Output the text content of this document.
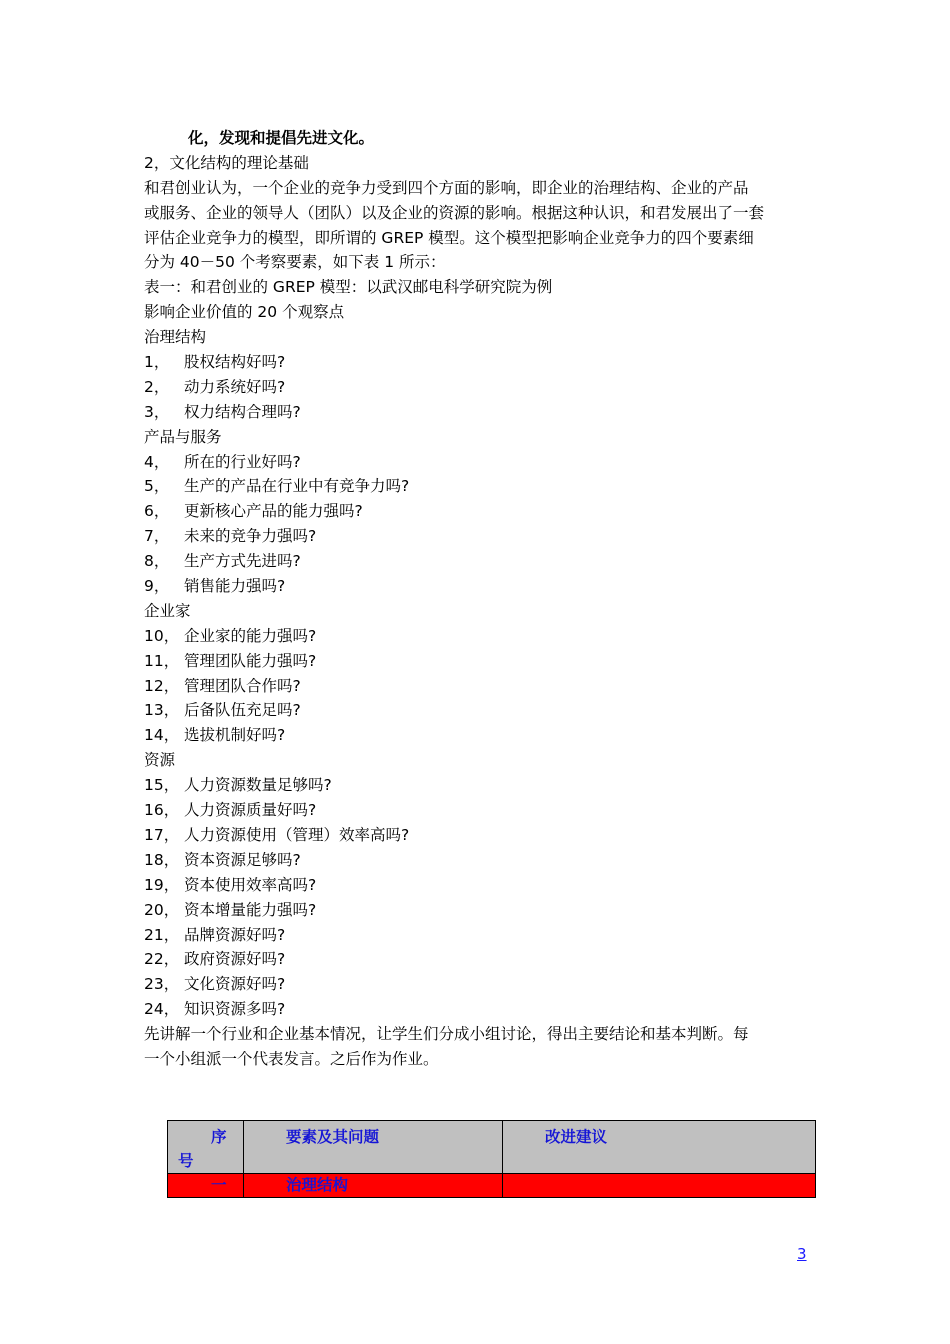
化，发现和提倡先进文化。
2，文化结构的理论基础
和君创业认为，一个企业的竞争力受到四个方面的影响，即企业的治理结构、企业的产品
或服务、企业的领导人（团队）以及企业的资源的影响。根据这种认识，和君发展出了一套
评估企业竞争力的模型，即所谓的 GREP 模型。这个模型把影响企业竞争力的四个要素细
分为 40－50 个考察要素，如下表 1 所示：
表一：和君创业的 GREP 模型：以武汉邮电科学研究院为例
影响企业价值的 20 个观察点
治理结构
1， 股权结构好吗?
2， 动力系统好吗?
3， 权力结构合理吗?
产品与服务
4， 所在的行业好吗?
5， 生产的产品在行业中有竞争力吗?
6， 更新核心产品的能力强吗?
7， 未来的竞争力强吗?
8， 生产方式先进吗?
9， 销售能力强吗?
企业家
10， 企业家的能力强吗?
11， 管理团队能力强吗?
12， 管理团队合作吗?
13， 后备队伍充足吗?
14， 选拔机制好吗?
资源
15， 人力资源数量足够吗?
16， 人力资源质量好吗?
17， 人力资源使用（管理）效率高吗?
18， 资本资源足够吗?
19， 资本使用效率高吗?
20， 资本增量能力强吗?
21， 品牌资源好吗?
22， 政府资源好吗?
23， 文化资源好吗?
24， 知识资源多吗?
先讲解一个行业和企业基本情况，让学生们分成小组讨论，得出主要结论和基本判断。每
一个小组派一个代表发言。之后作为作业。
序
号	要素及其问题	改进建议

一	治理结构	

3
